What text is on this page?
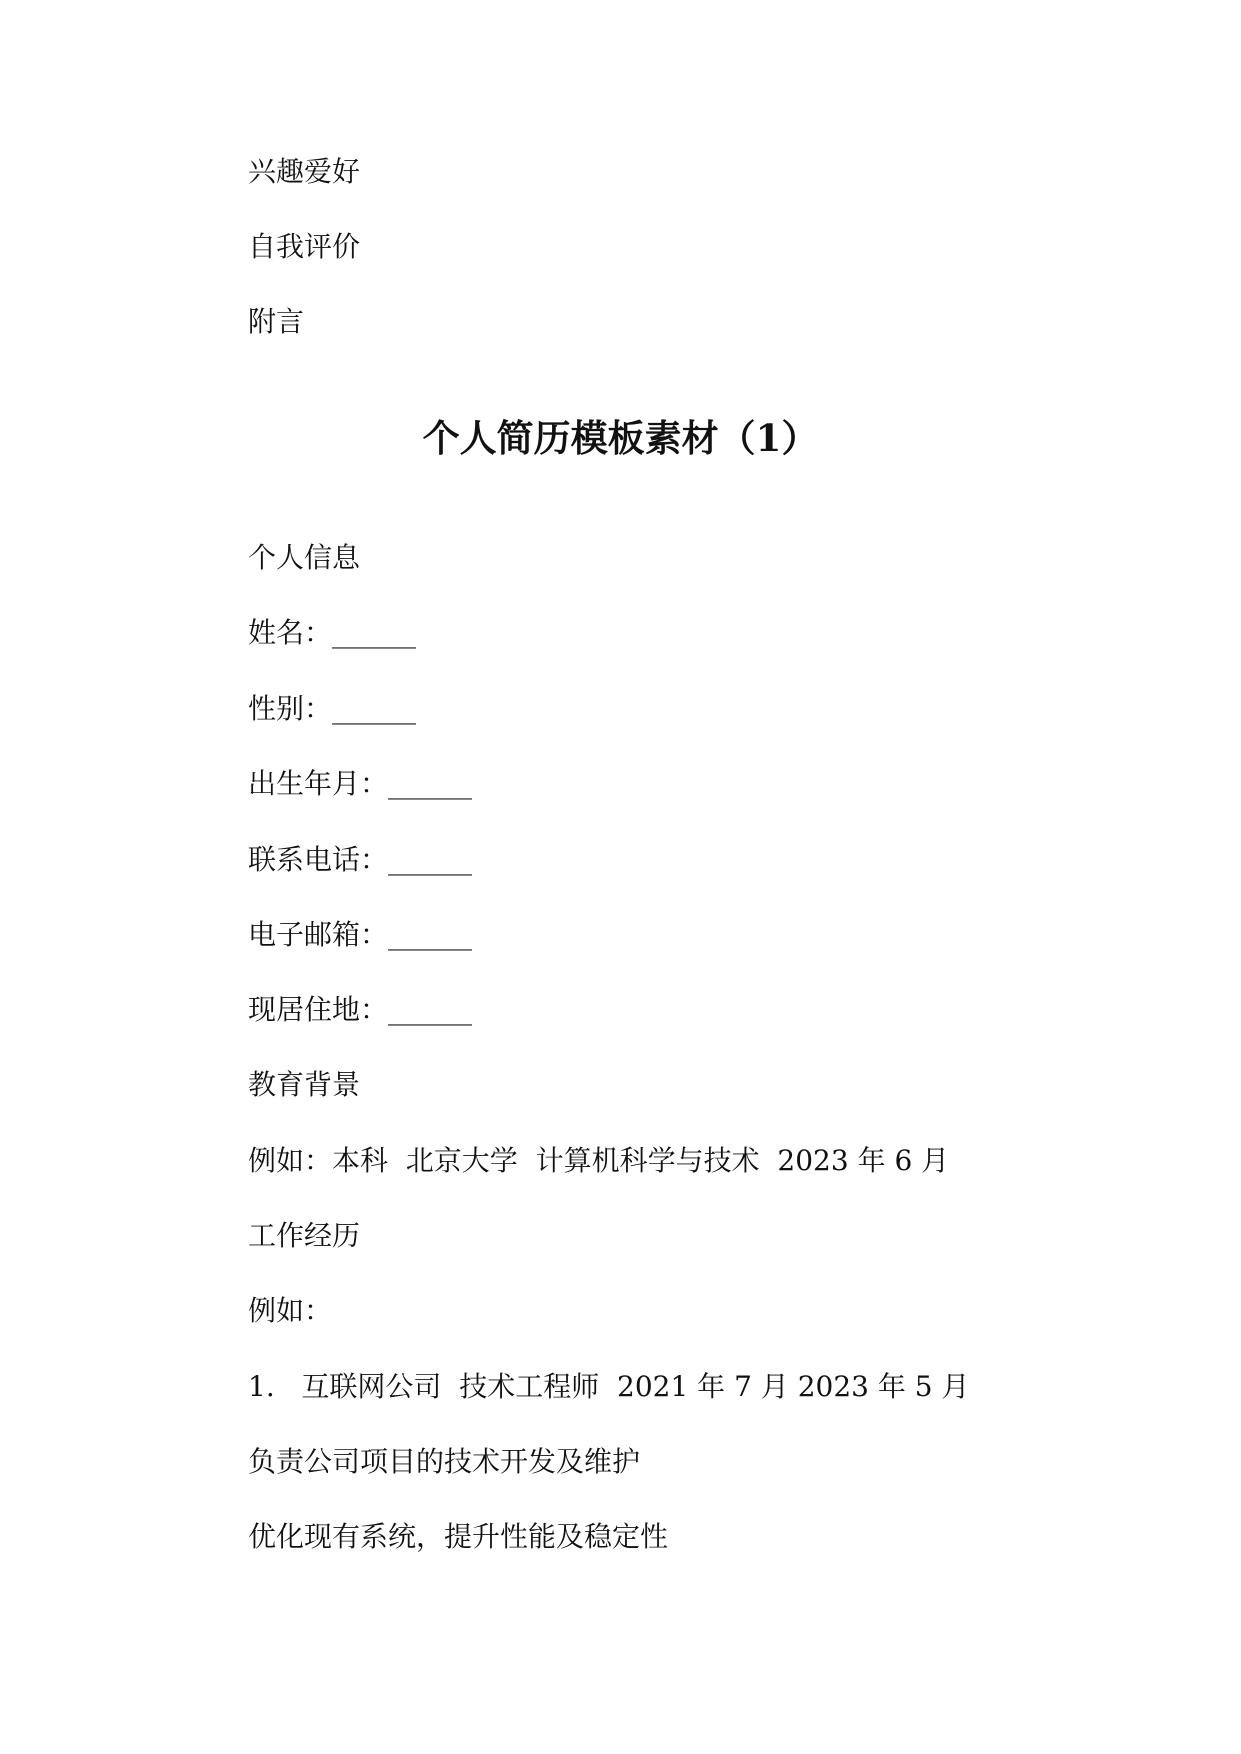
兴趣爱好

自我评价

附言

个人简历模板素材（1）

个人信息

姓名：______

性别：______

出生年月：______

联系电话：______

电子邮箱：______

现居住地：______

教育背景

例如：本科  北京大学  计算机科学与技术  2023 年 6 月

工作经历

例如：

1.   互联网公司  技术工程师  2021 年 7 月 2023 年 5 月

负责公司项目的技术开发及维护

优化现有系统，提升性能及稳定性
